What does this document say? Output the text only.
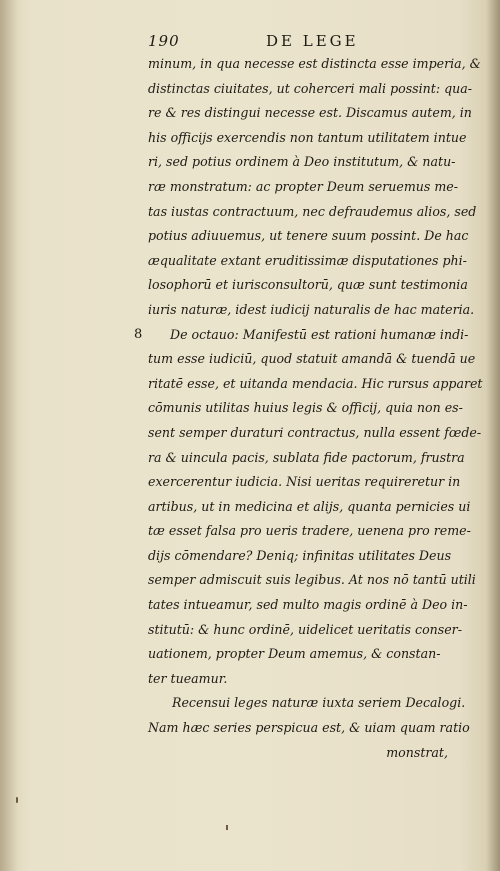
190	DE LEGE
minum, in qua necesse est distincta esse imperia, &
distinctas ciuitates, ut coherceri mali possint: qua-
re & res distingui necesse est. Discamus autem, in
his officijs exercendis non tantum utilitatem intue
ri, sed potius ordinem à Deo institutum, & natu-
ræ monstratum: ac propter Deum seruemus me-
tas iustas contractuum, nec defraudemus alios, sed
potius adiuuemus, ut tenere suum possint. De hac
æqualitate extant eruditissimæ disputationes phi-
losophorū et iurisconsultorū, quæ sunt testimonia
iuris naturæ, idest iudicij naturalis de hac materia.
8 De octauo: Manifestū est rationi humanæ indi-
tum esse iudiciū, quod statuit amandā & tuendā ue
ritatē esse, et uitanda mendacia. Hic rursus apparet
cōmunis utilitas huius legis & officij, quia non es-
sent semper duraturi contractus, nulla essent fœde-
ra & uincula pacis, sublata fide pactorum, frustra
exercerentur iudicia. Nisi ueritas requireretur in
artibus, ut in medicina et alijs, quanta pernicies ui
tæ esset falsa pro ueris tradere, uenena pro reme-
dijs cōmendare? Deniq; infinitas utilitates Deus
semper admiscuit suis legibus. At nos nō tantū utili
tates intueamur, sed multo magis ordinē à Deo in-
stitutū: & hunc ordinē, uidelicet ueritatis conser-
uationem, propter Deum amemus, & constan-
ter tueamur.
Recensui leges naturæ iuxta seriem Decalogi.
Nam hæc series perspicua est, & uiam quam ratio
monstrat,
